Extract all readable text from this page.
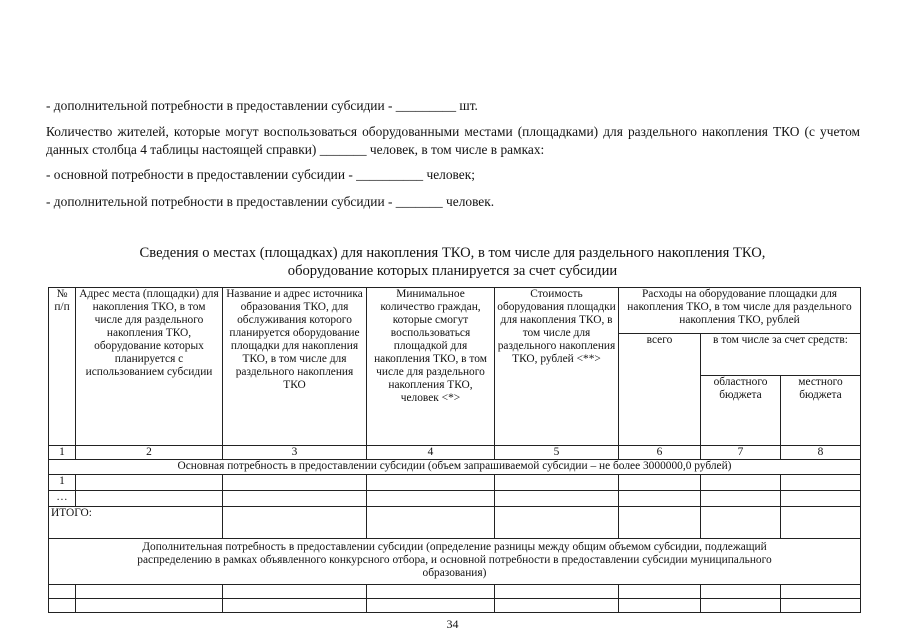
- дополнительной потребности в предоставлении субсидии - _________ шт.
Количество жителей, которые могут воспользоваться оборудованными местами (площадками) для раздельного накопления ТКО (с учетом данных столбца 4 таблицы настоящей справки) _______ человек, в том числе в рамках:
- основной потребности в предоставлении субсидии - __________ человек;
- дополнительной потребности в предоставлении субсидии - _______ человек.
Сведения о местах (площадках) для накопления ТКО, в том числе для раздельного накопления ТКО,
оборудование которых планируется за счет субсидии
№ п/п	Адрес места (площадки) для накопления ТКО, в том числе для раздельного накопления ТКО, оборудование которых планируется с использованием субсидии	Название и адрес источника образования ТКО, для обслуживания которого планируется оборудование площадки для накопления ТКО, в том числе для раздельного накопления ТКО	Минимальное количество граждан, которые смогут воспользоваться площадкой для накопления ТКО, в том числе для раздельного накопления ТКО, человек <*>	Стоимость оборудования площадки для накопления ТКО, в том числе для раздельного накопления ТКО, рублей <**>	Расходы на оборудование площадки для накопления ТКО, в том числе для раздельного накопления ТКО, рублей		
					всего	в том числе за счет средств:	
						областного бюджета	местного бюджета
1	2	3	4	5	6	7	8
Основная потребность в предоставлении субсидии (объем запрашиваемой субсидии – не более 3000000,0 рублей)							
1							
…							
ИТОГО:							
Дополнительная потребность в предоставлении субсидии (определение разницы между общим объемом субсидии, подлежащий распределению в рамках объявленного конкурсного отбора, и основной потребности в предоставлении субсидии муниципального образования)							

34
